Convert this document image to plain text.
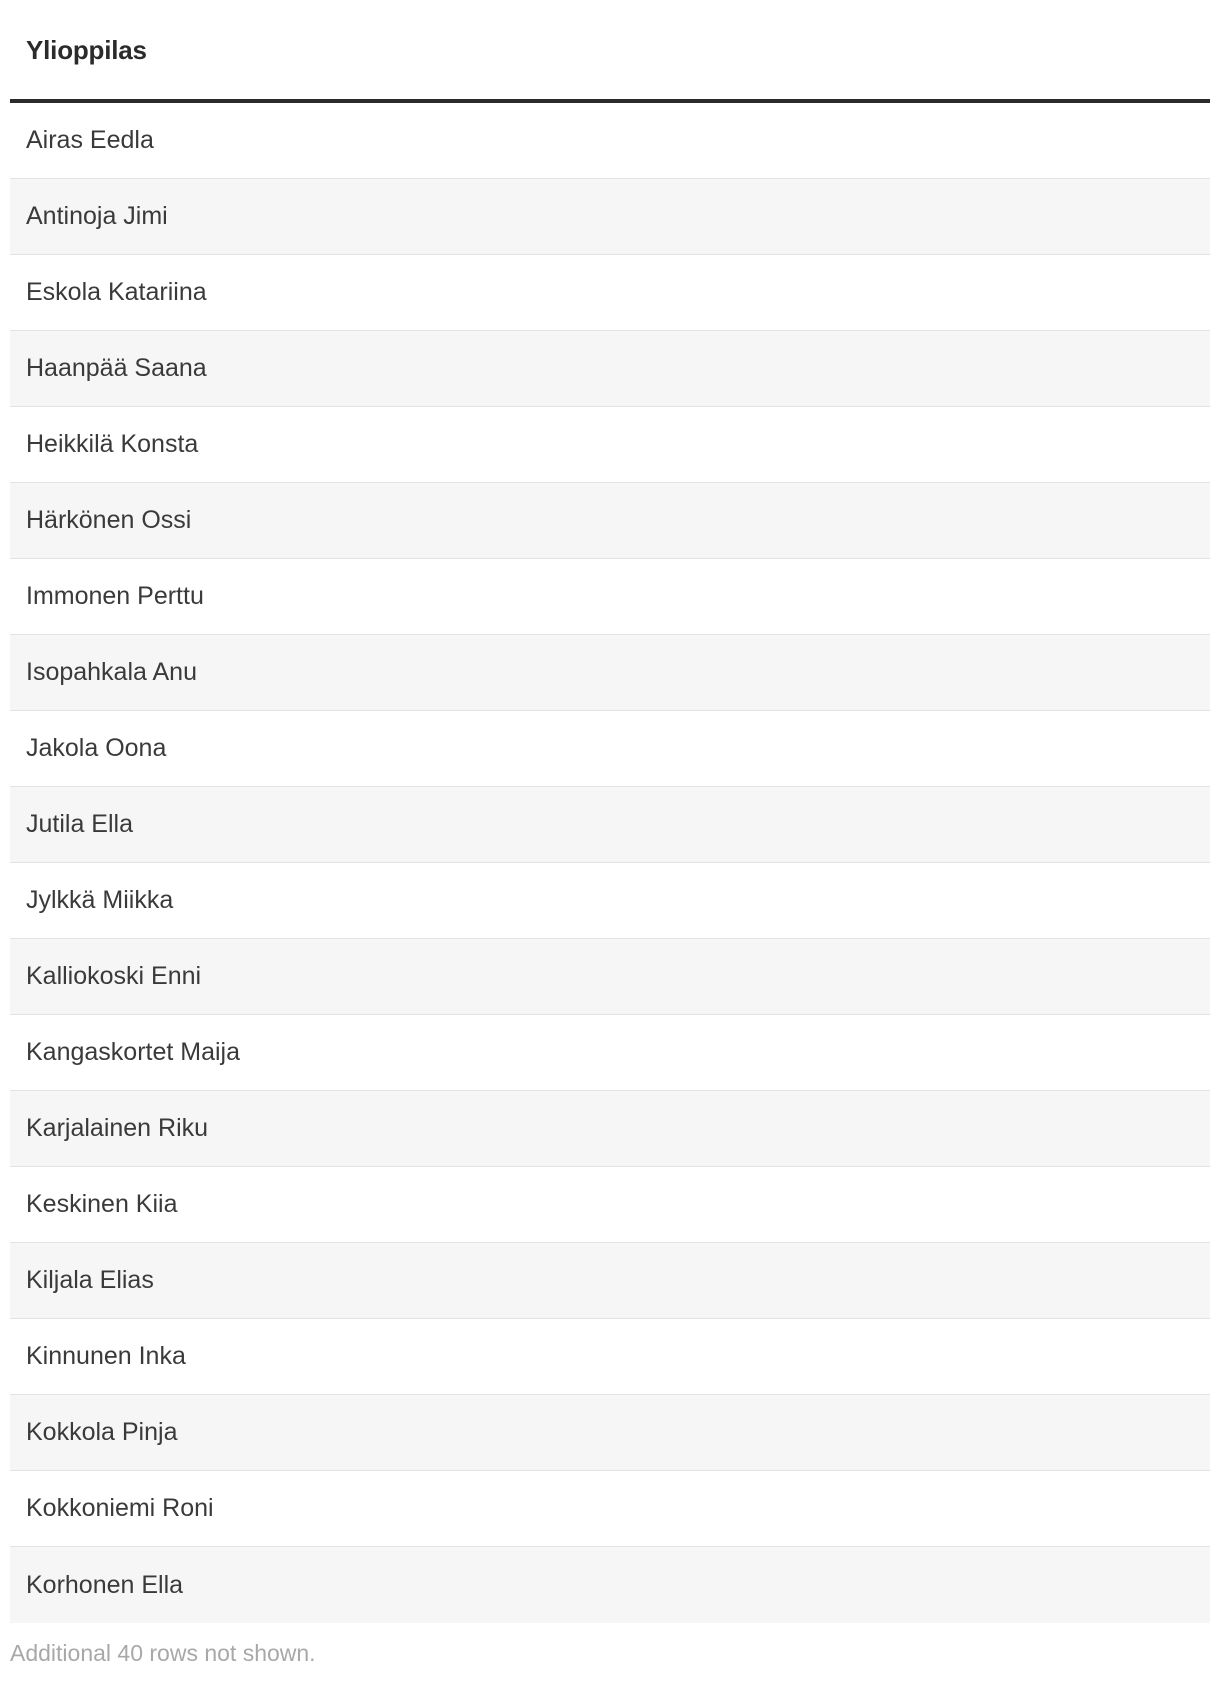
Ylioppilas
Airas Eedla
Antinoja Jimi
Eskola Katariina
Haanpää Saana
Heikkilä Konsta
Härkönen Ossi
Immonen Perttu
Isopahkala Anu
Jakola Oona
Jutila Ella
Jylkkä Miikka
Kalliokoski Enni
Kangaskortet Maija
Karjalainen Riku
Keskinen Kiia
Kiljala Elias
Kinnunen Inka
Kokkola Pinja
Kokkoniemi Roni
Korhonen Ella
Additional 40 rows not shown.
